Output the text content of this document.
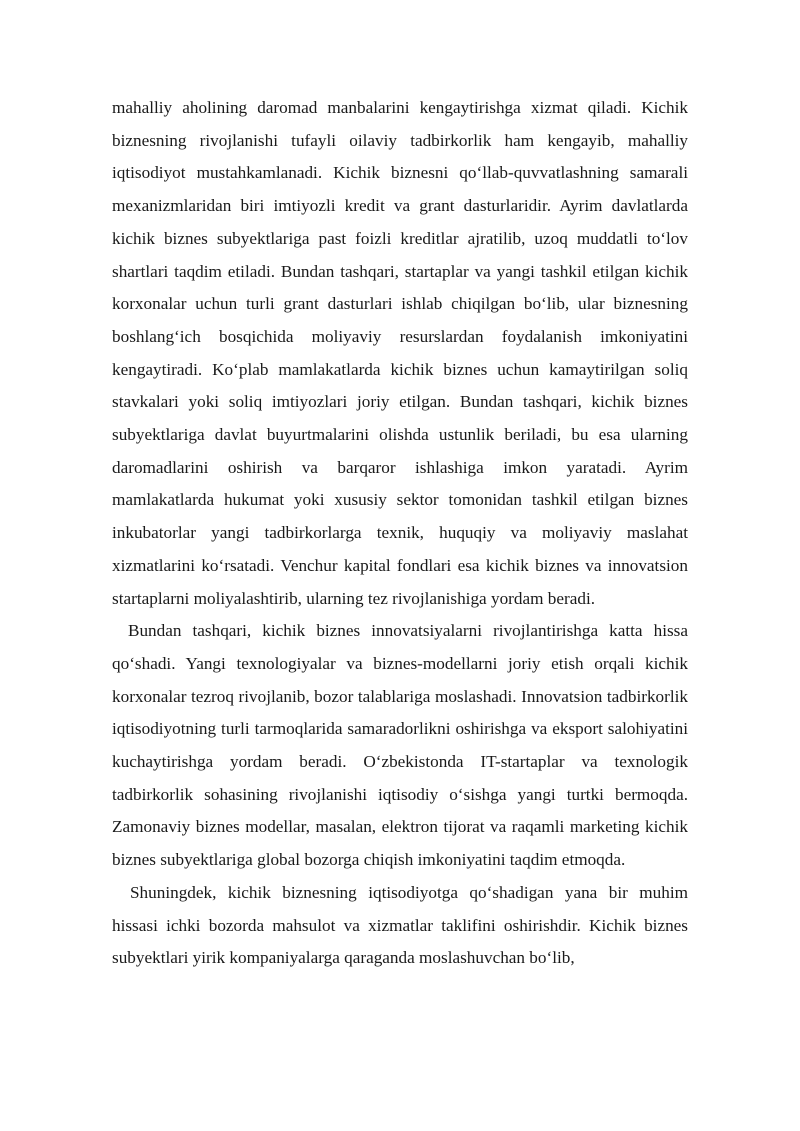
mahalliy aholining daromad manbalarini kengaytirishga xizmat qiladi. Kichik biznesning rivojlanishi tufayli oilaviy tadbirkorlik ham kengayib, mahalliy iqtisodiyot mustahkamlanadi. Kichik biznesni qo‘llab-quvvatlashning samarali mexanizmlaridan biri imtiyozli kredit va grant dasturlaridir. Ayrim davlatlarda kichik biznes subyektlariga past foizli kreditlar ajratilib, uzoq muddatli to‘lov shartlari taqdim etiladi. Bundan tashqari, startaplar va yangi tashkil etilgan kichik korxonalar uchun turli grant dasturlari ishlab chiqilgan bo‘lib, ular biznesning boshlang‘ich bosqichida moliyaviy resurslardan foydalanish imkoniyatini kengaytiradi. Ko‘plab mamlakatlarda kichik biznes uchun kamaytirilgan soliq stavkalari yoki soliq imtiyozlari joriy etilgan. Bundan tashqari, kichik biznes subyektlariga davlat buyurtmalarini olishda ustunlik beriladi, bu esa ularning daromadlarini oshirish va barqaror ishlashiga imkon yaratadi. Ayrim mamlakatlarda hukumat yoki xususiy sektor tomonidan tashkil etilgan biznes inkubatorlar yangi tadbirkorlarga texnik, huquqiy va moliyaviy maslahat xizmatlarini ko‘rsatadi. Venchur kapital fondlari esa kichik biznes va innovatsion startaplarni moliyalashtirib, ularning tez rivojlanishiga yordam beradi.

Bundan tashqari, kichik biznes innovatsiyalarni rivojlantirishga katta hissa qo‘shadi. Yangi texnologiyalar va biznes-modellarni joriy etish orqali kichik korxonalar tezroq rivojlanib, bozor talablariga moslashadi. Innovatsion tadbirkorlik iqtisodiyotning turli tarmoqlarida samaradorlikni oshirishga va eksport salohiyatini kuchaytirishga yordam beradi. O‘zbekistonda IT-startaplar va texnologik tadbirkorlik sohasining rivojlanishi iqtisodiy o‘sishga yangi turtki bermoqda. Zamonaviy biznes modellar, masalan, elektron tijorat va raqamli marketing kichik biznes subyektlariga global bozorga chiqish imkoniyatini taqdim etmoqda.

Shuningdek, kichik biznesning iqtisodiyotga qo‘shadigan yana bir muhim hissasi ichki bozorda mahsulot va xizmatlar taklifini oshirishdir. Kichik biznes subyektlari yirik kompaniyalarga qaraganda moslashuvchan bo‘lib,
